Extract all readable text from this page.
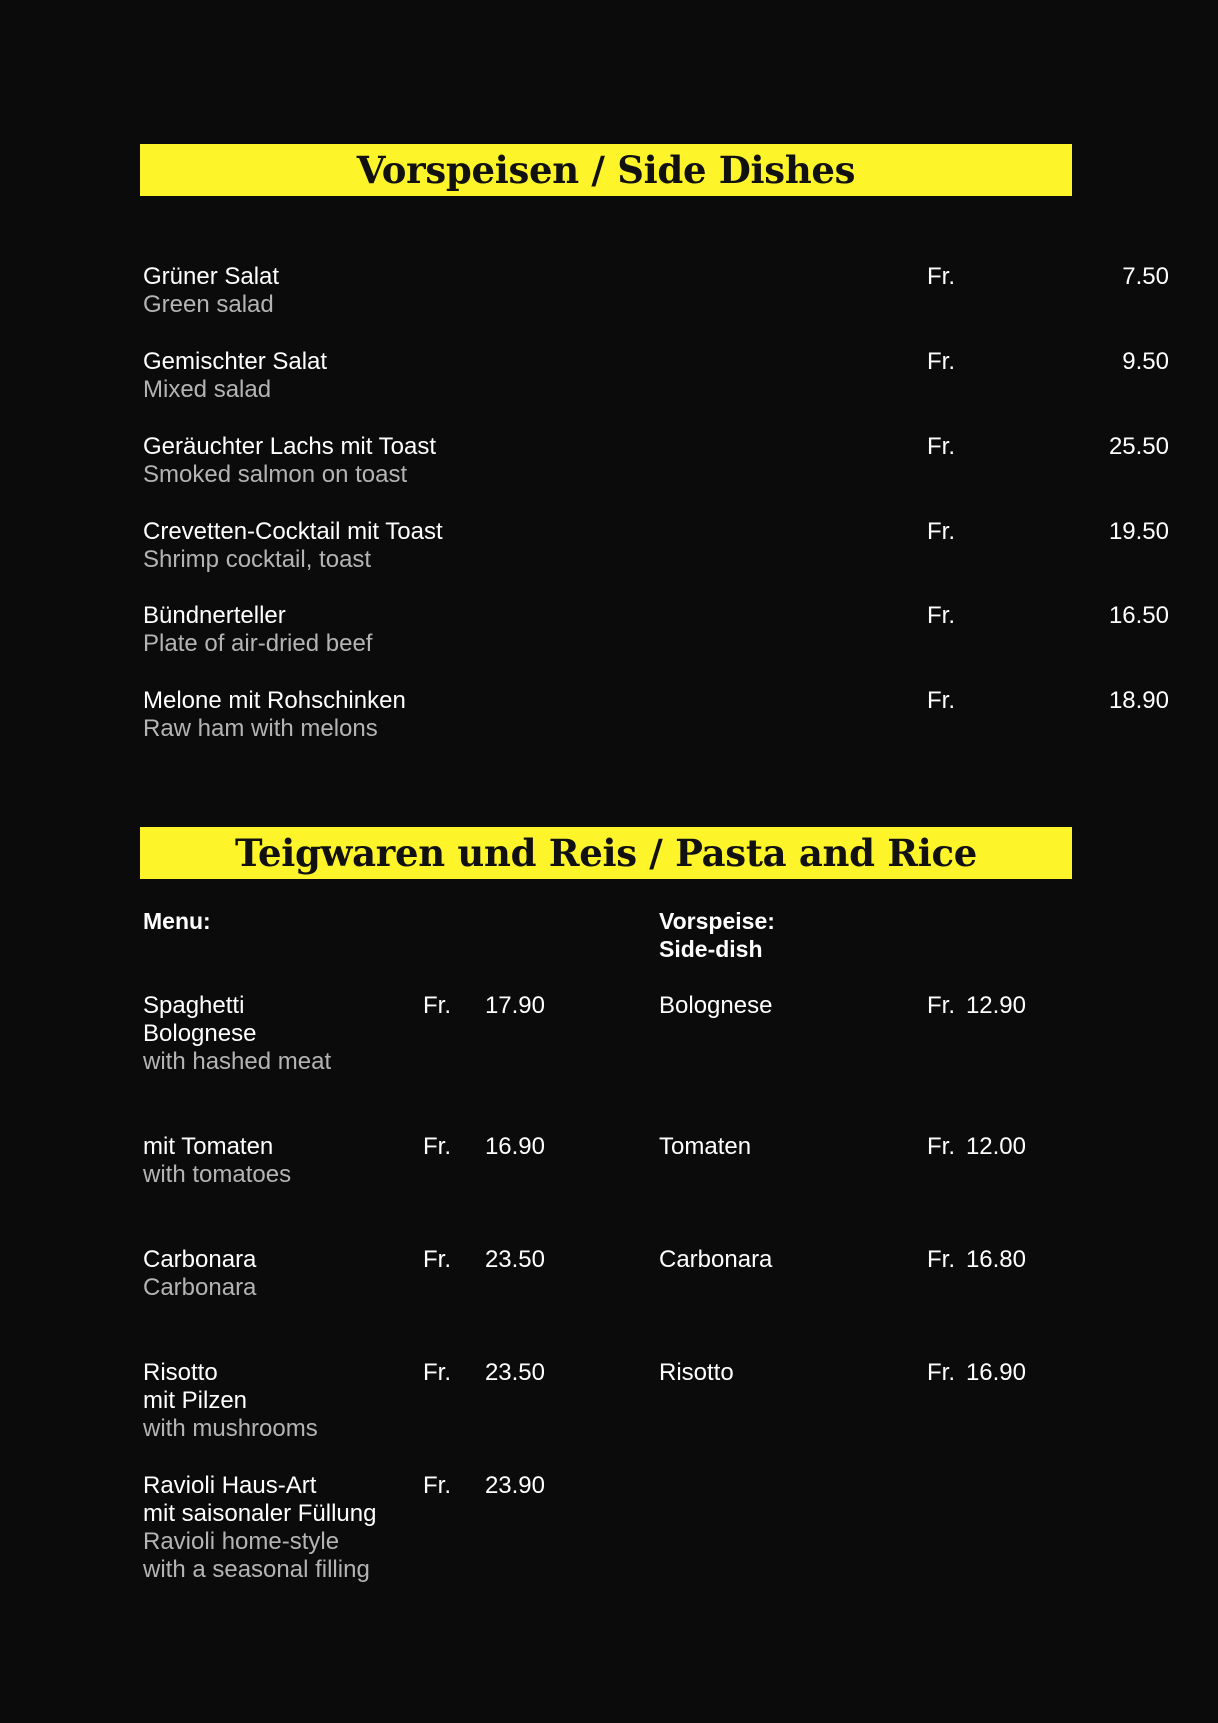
Vorspeisen / Side Dishes
Grüner Salat
Green salad
Fr.	7.50
Gemischter Salat
Mixed salad
Fr.	9.50
Geräuchter Lachs mit Toast
Smoked salmon on toast
Fr.	25.50
Crevetten-Cocktail mit Toast
Shrimp cocktail, toast
Fr.	19.50
Bündnerteller
Plate of air-dried beef
Fr.	16.50
Melone mit Rohschinken
Raw ham with melons
Fr.	18.90
Teigwaren und Reis / Pasta and Rice
Menu:	Vorspeise:
Side-dish
Spaghetti
Bolognese
with hashed meat
Fr. 17.90	Bolognese	Fr. 12.90
mit Tomaten
with tomatoes
Fr. 16.90	Tomaten	Fr. 12.00
Carbonara
Carbonara
Fr. 23.50	Carbonara	Fr. 16.80
Risotto
mit Pilzen
with mushrooms
Fr. 23.50	Risotto	Fr. 16.90
Ravioli Haus-Art
mit saisonaler Füllung
Ravioli home-style
with a seasonal filling
Fr. 23.90
